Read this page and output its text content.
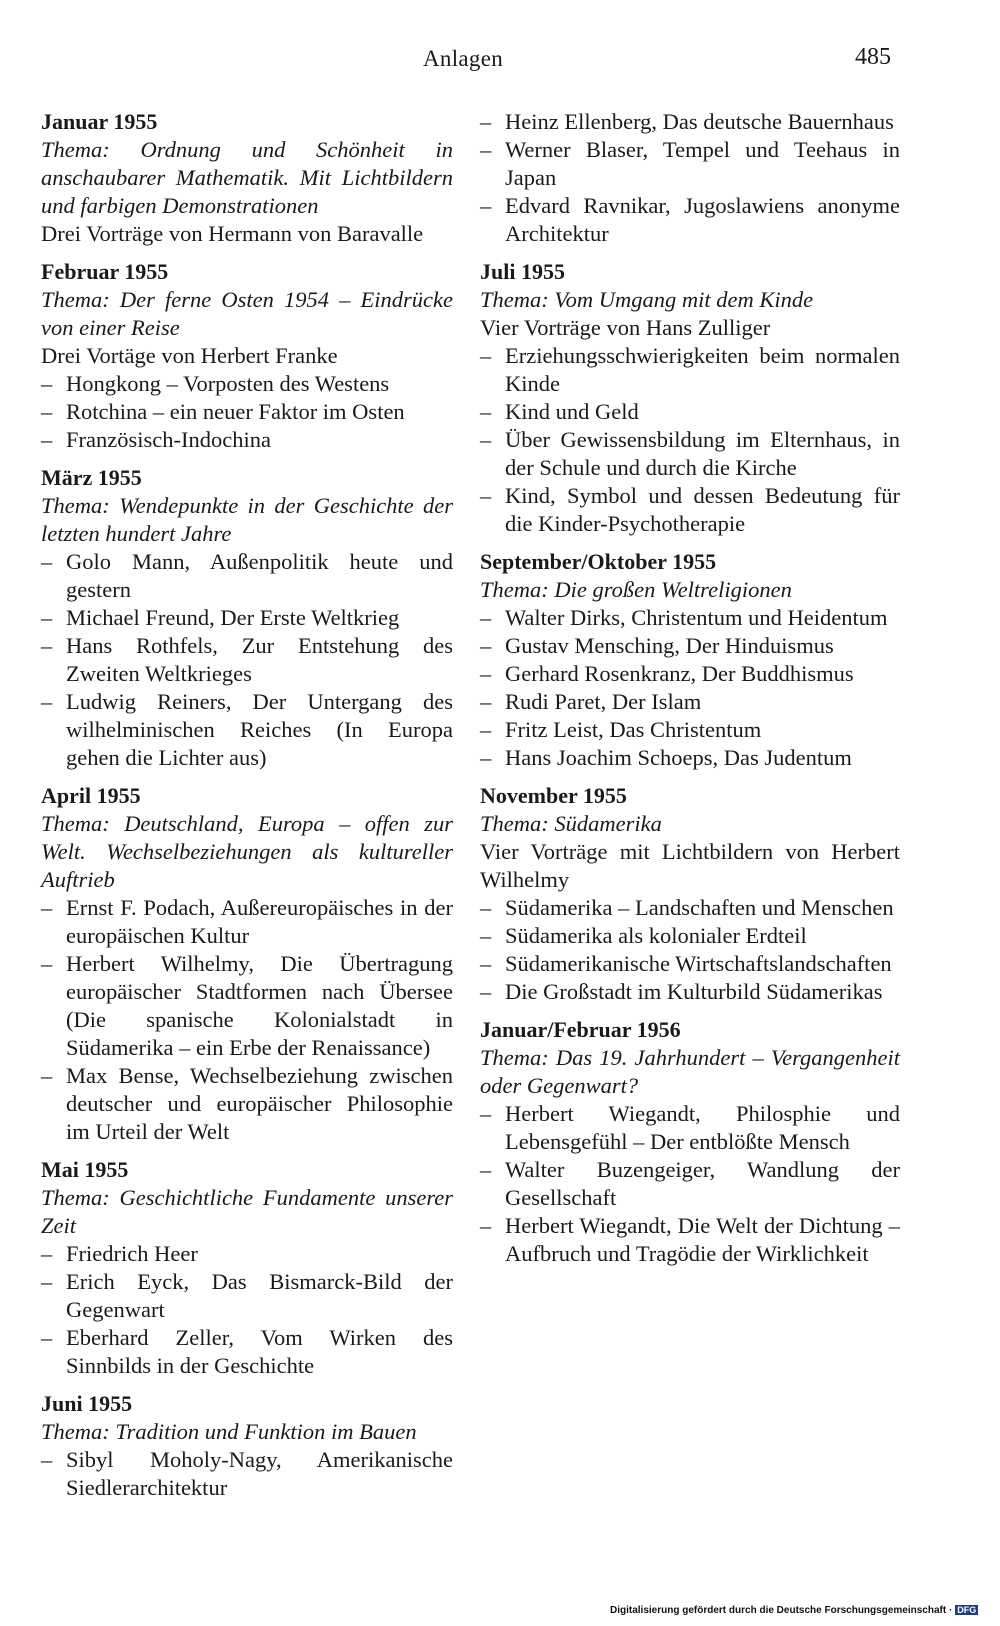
Anlagen	485
Januar 1955
Thema: Ordnung und Schönheit in anschaubarer Mathematik. Mit Lichtbildern und farbigen Demonstrationen
Drei Vorträge von Hermann von Baravalle
Februar 1955
Thema: Der ferne Osten 1954 – Eindrücke von einer Reise
Drei Vortäge von Herbert Franke
– Hongkong – Vorposten des Westens
– Rotchina – ein neuer Faktor im Osten
– Französisch-Indochina
März 1955
Thema: Wendepunkte in der Geschichte der letzten hundert Jahre
– Golo Mann, Außenpolitik heute und gestern
– Michael Freund, Der Erste Weltkrieg
– Hans Rothfels, Zur Entstehung des Zweiten Weltkrieges
– Ludwig Reiners, Der Untergang des wilhelminischen Reiches (In Europa gehen die Lichter aus)
April 1955
Thema: Deutschland, Europa – offen zur Welt. Wechselbeziehungen als kultureller Auftrieb
– Ernst F. Podach, Außereuropäisches in der europäischen Kultur
– Herbert Wilhelmy, Die Übertragung europäischer Stadtformen nach Übersee (Die spanische Kolonialstadt in Südamerika – ein Erbe der Renaissance)
– Max Bense, Wechselbeziehung zwischen deutscher und europäischer Philosophie im Urteil der Welt
Mai 1955
Thema: Geschichtliche Fundamente unserer Zeit
– Friedrich Heer
– Erich Eyck, Das Bismarck-Bild der Gegenwart
– Eberhard Zeller, Vom Wirken des Sinnbilds in der Geschichte
Juni 1955
Thema: Tradition und Funktion im Bauen
– Sibyl Moholy-Nagy, Amerikanische Siedlerarchitektur
– Heinz Ellenberg, Das deutsche Bauernhaus
– Werner Blaser, Tempel und Teehaus in Japan
– Edvard Ravnikar, Jugoslawiens anonyme Architektur
Juli 1955
Thema: Vom Umgang mit dem Kinde
Vier Vorträge von Hans Zulliger
– Erziehungsschwierigkeiten beim normalen Kinde
– Kind und Geld
– Über Gewissensbildung im Elternhaus, in der Schule und durch die Kirche
– Kind, Symbol und dessen Bedeutung für die Kinder-Psychotherapie
September/Oktober 1955
Thema: Die großen Weltreligionen
– Walter Dirks, Christentum und Heidentum
– Gustav Mensching, Der Hinduismus
– Gerhard Rosenkranz, Der Buddhismus
– Rudi Paret, Der Islam
– Fritz Leist, Das Christentum
– Hans Joachim Schoeps, Das Judentum
November 1955
Thema: Südamerika
Vier Vorträge mit Lichtbildern von Herbert Wilhelmy
– Südamerika – Landschaften und Menschen
– Südamerika als kolonialer Erdteil
– Südamerikanische Wirtschaftslandschaften
– Die Großstadt im Kulturbild Südamerikas
Januar/Februar 1956
Thema: Das 19. Jahrhundert – Vergangenheit oder Gegenwart?
– Herbert Wiegandt, Philosphie und Lebensgefühl – Der entblößte Mensch
– Walter Buzengeiger, Wandlung der Gesellschaft
– Herbert Wiegandt, Die Welt der Dichtung – Aufbruch und Tragödie der Wirklichkeit
Digitalisierung gefördert durch die Deutsche Forschungsgemeinschaft · DFG
